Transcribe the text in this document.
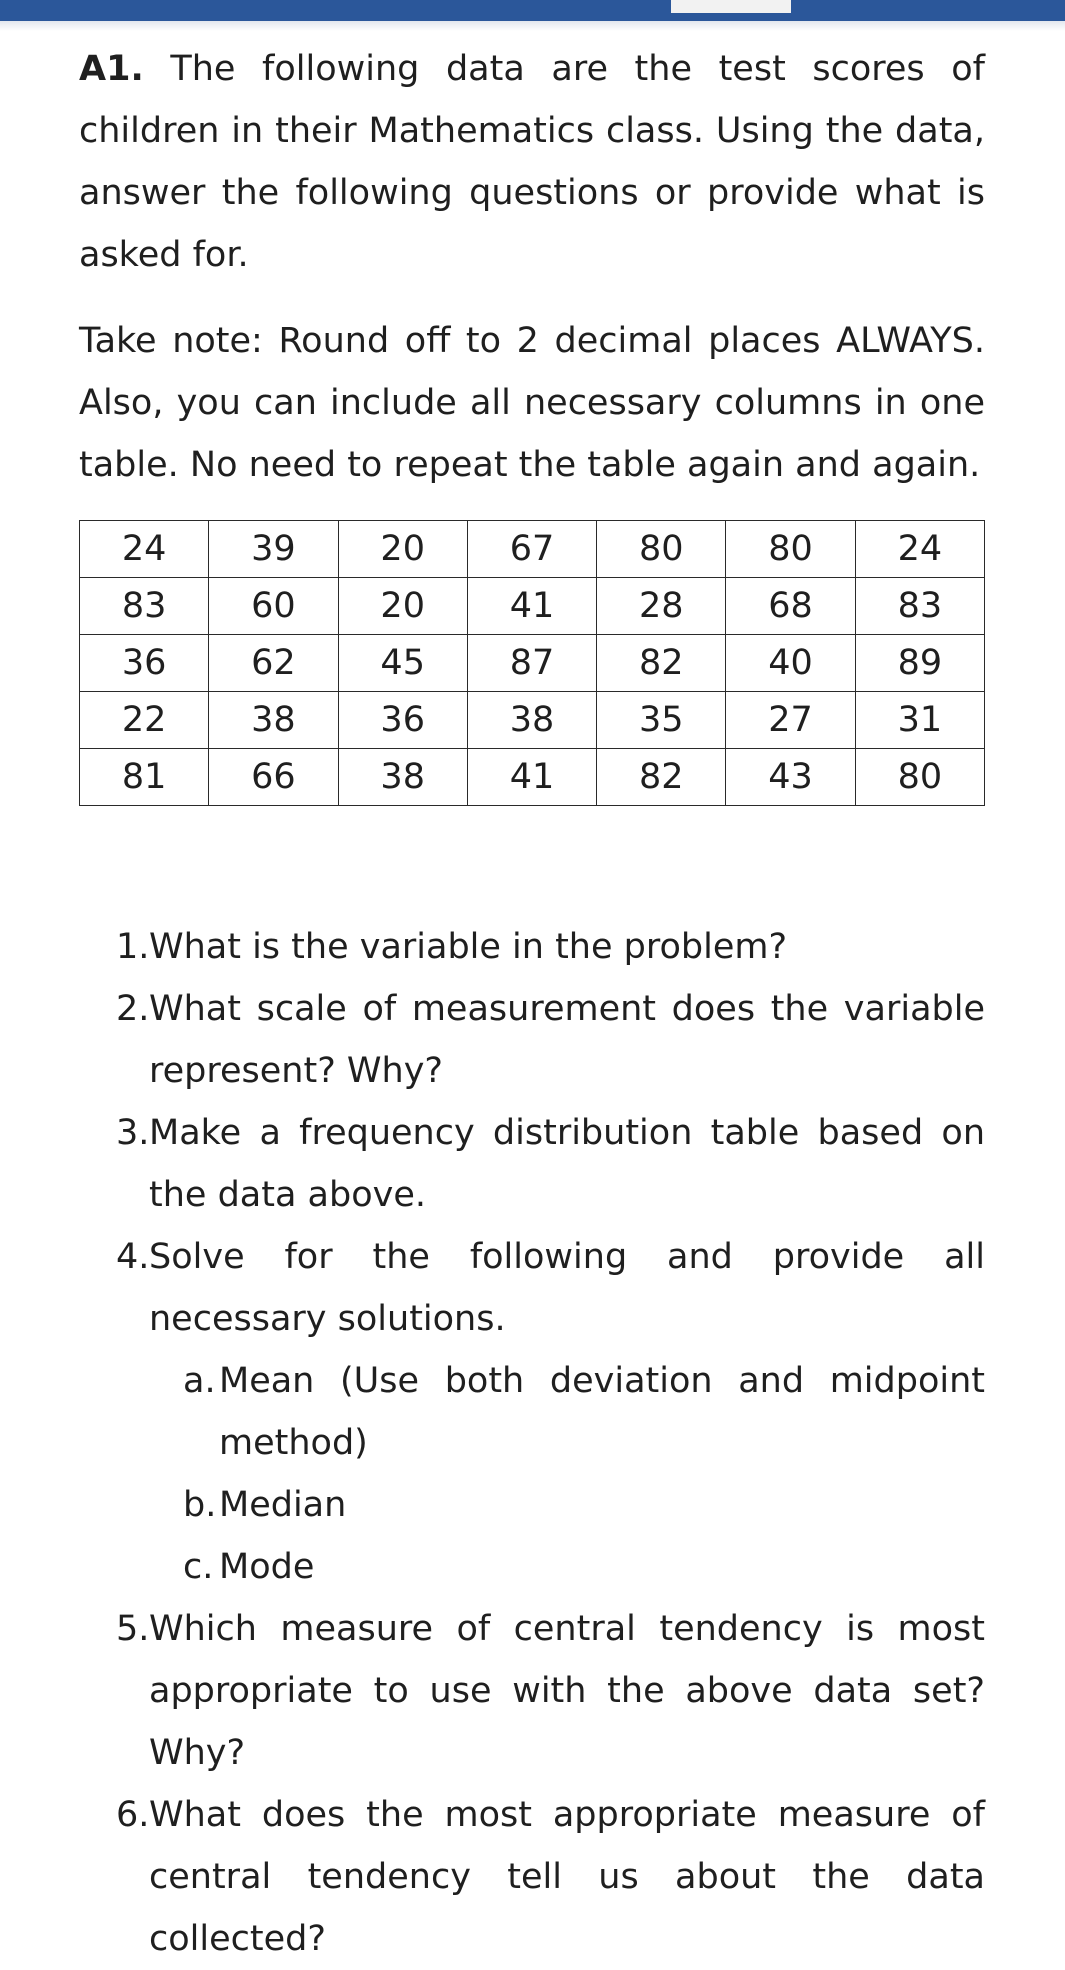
A1. The following data are the test scores of children in their Mathematics class. Using the data, answer the following questions or provide what is asked for.

Take note: Round off to 2 decimal places ALWAYS. Also, you can include all necessary columns in one table. No need to repeat the table again and again.

24	39	20	67	80	80	24
83	60	20	41	28	68	83
36	62	45	87	82	40	89
22	38	36	38	35	27	31
81	66	38	41	82	43	80
1. What is the variable in the problem?
2. What scale of measurement does the variable represent? Why?
3. Make a frequency distribution table based on the data above.
4. Solve for the following and provide all necessary solutions.
a. Mean (Use both deviation and midpoint method)
b. Median
c. Mode
5. Which measure of central tendency is most appropriate to use with the above data set? Why?
6. What does the most appropriate measure of central tendency tell us about the data collected?
